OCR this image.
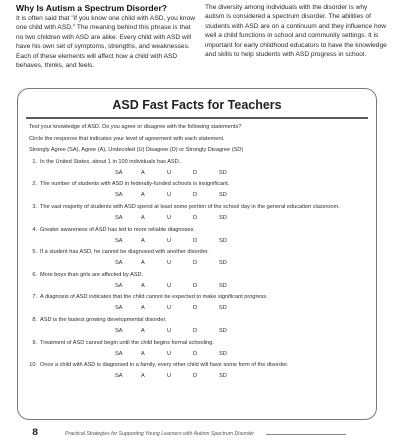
Why Is Autism a Spectrum Disorder?

It is often said that "if you know one child with ASD, you know one child with ASD." The meaning behind this phrase is that no two children with ASD are alike. Every child with ASD will have his own set of symptoms, strengths, and weaknesses. Each of these elements will affect how a child with ASD behaves, thinks, and feels.

The diversity among individuals with the disorder is why autism is considered a spectrum disorder. The abilities of students with ASD are on a continuum and they influence how well a child functions in school and community settings. It is important for early childhood educators to have the knowledge and skills to help students with ASD progress in school.

ASD Fast Facts for Teachers
Test your knowledge of ASD. Do you agree or disagree with the following statements?
Circle the response that indicates your level of agreement with each statement.
Strongly Agree (SA), Agree (A), Undecided (U) Disagree (D) or Strongly Disagree (SD)
1. In the United States, about 1 in 100 individuals has ASD.
SA	A	U	D	SD
2. The number of students with ASD in federally-funded schools is insignificant.
SA	A	U	D	SD
3. The vast majority of students with ASD spend at least some portion of the school day in the general education classroom.
SA	A	U	D	SD
4. Greater awareness of ASD has led to more reliable diagnoses.
SA	A	U	D	SD
5. If a student has ASD, he cannot be diagnosed with another disorder.
SA	A	U	D	SD
6. More boys than girls are affected by ASD.
SA	A	U	D	SD
7. A diagnosis of ASD indicates that the child cannot be expected to make significant progress.
SA	A	U	D	SD
8. ASD is the fastest growing developmental disorder.
SA	A	U	D	SD
9. Treatment of ASD cannot begin until the child begins formal schooling.
SA	A	U	D	SD
10. Once a child with ASD is diagnosed in a family, every other child will have some form of the disorder.
SA	A	U	D	SD
8	Practical Strategies for Supporting Young Learners with Autism Spectrum Disorder
